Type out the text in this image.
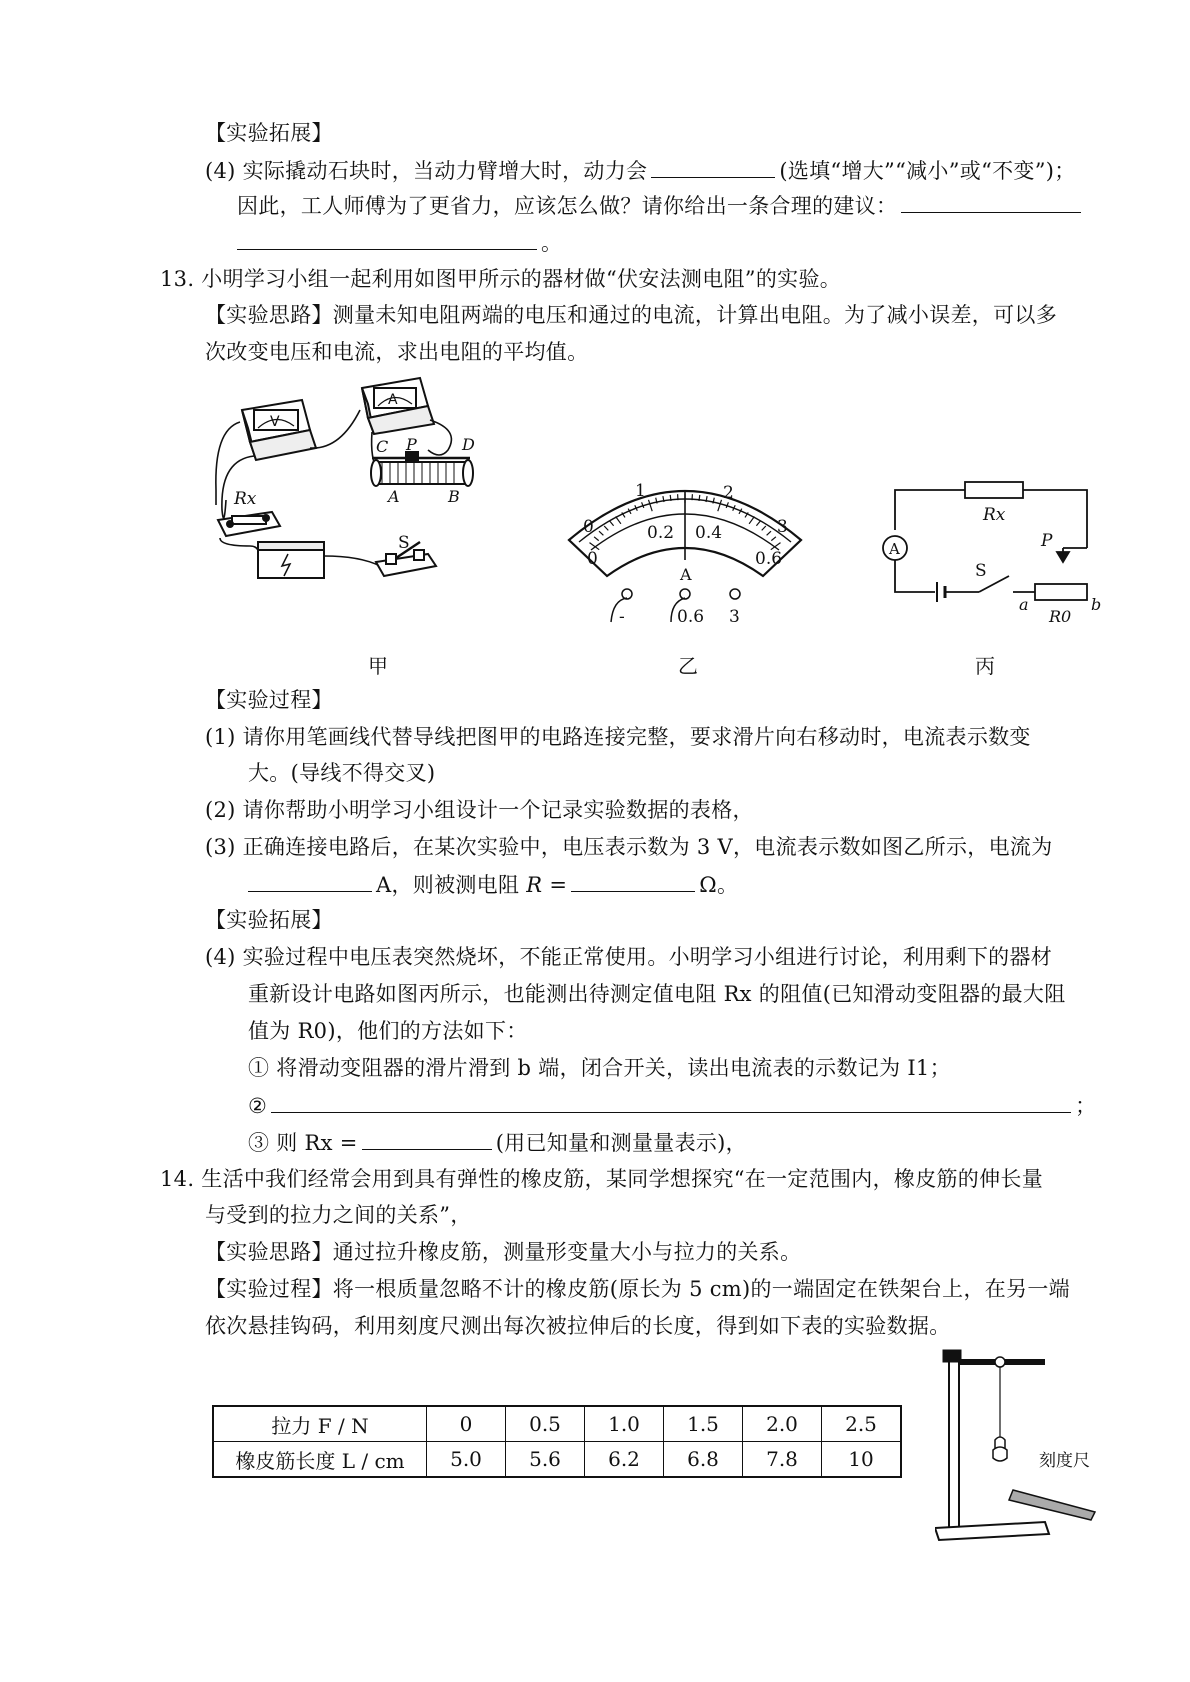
【实验拓展】
(4) 实际撬动石块时，当动力臂增大时，动力会	(选填“增大”“减小”或“不变”)；
因此，工人师傅为了更省力，应该怎么做？请你给出一条合理的建议：
。
13. 小明学习小组一起利用如图甲所示的器材做“伏安法测电阻”的实验。
【实验思路】测量未知电阻两端的电压和通过的电流，计算出电阻。为了减小误差，可以多
次改变电压和电流，求出电阻的平均值。
V
A
Rx
S
C P	D
A	B
0
1	2
3
0
0.2 0.4
0.6
A
-	0.6 3
A
Rx
S
P
a	b
R0
甲	乙	丙
【实验过程】
(1) 请你用笔画线代替导线把图甲的电路连接完整，要求滑片向右移动时，电流表示数变
大。(导线不得交叉)
(2) 请你帮助小明学习小组设计一个记录实验数据的表格，
(3) 正确连接电路后，在某次实验中，电压表示数为 3 V，电流表示数如图乙所示，电流为
A，则被测电阻 R =	Ω。
【实验拓展】
(4) 实验过程中电压表突然烧坏，不能正常使用。小明学习小组进行讨论，利用剩下的器材
重新设计电路如图丙所示，也能测出待测定值电阻 Rx 的阻值(已知滑动变阻器的最大阻
值为 R0)，他们的方法如下：
① 将滑动变阻器的滑片滑到 b 端，闭合开关，读出电流表的示数记为 I1；
②	；
③ 则 Rx =	(用已知量和测量量表示)，
14. 生活中我们经常会用到具有弹性的橡皮筋，某同学想探究“在一定范围内，橡皮筋的伸长量
与受到的拉力之间的关系”，
【实验思路】通过拉升橡皮筋，测量形变量大小与拉力的关系。
【实验过程】将一根质量忽略不计的橡皮筋(原长为 5 cm)的一端固定在铁架台上，在另一端
依次悬挂钩码，利用刻度尺测出每次被拉伸后的长度，得到如下表的实验数据。
拉力 F / N	0	0.5	1.0	1.5	2.0	2.5
橡皮筋长度 L / cm	5.0	5.6	6.2	6.8	7.8	10	刻度尺
